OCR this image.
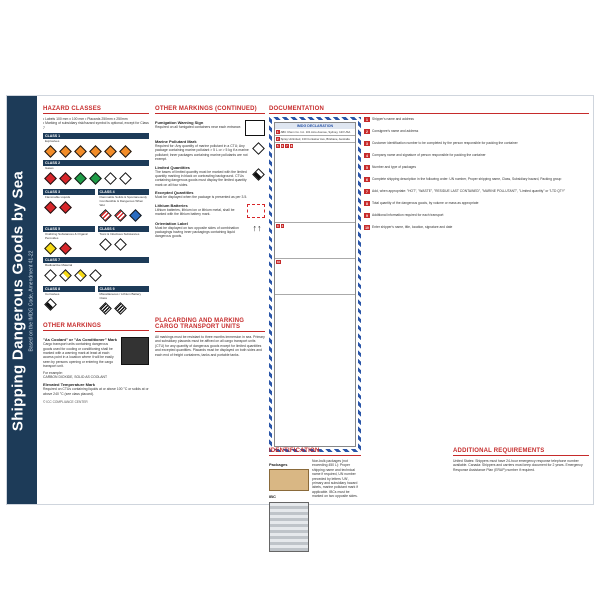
Shipping Dangerous Goods by Sea Based on the IMDG Code, Amendment 41-22
HAZARD CLASSES
• Labels 100 mm x 100 mm • Placards 250mm x 250mm
• Marking of subsidiary risk/hazard symbol is optional, except for Class 7
CLASS 1
Explosives
CLASS 2
Gases
CLASS 3
Flammable Liquids
CLASS 4
Flammable Solids & Spontaneously Combustible & Dangerous When Wet
CLASS 5
Oxidizing Substances & Organic Peroxides
CLASS 6
Toxic & Infectious Substances
CLASS 7
Radioactive Material
CLASS 8
Corrosives
CLASS 9
Miscellaneous / Lithium Battery Class
OTHER MARKINGS
"As Coolant" or "As Conditioner" Mark
Cargo transport units containing dangerous goods used for cooling or conditioning shall be marked with a warning mark at least at each access point in a location where it will be easily seen by persons opening or entering the cargo transport unit.
For example:
CARBON DIOXIDE, SOLID AS COOLANT
Elevated Temperature Mark
Required on CTUs containing liquids at or above 100 °C or solids at or above 240 °C (see class placard).
© ICC COMPLIANCE CENTER
OTHER MARKINGS (CONTINUED)
Fumigation Warning Sign
Required on all fumigated containers near each entrance.
Marine Pollutant Mark
Required for: Any quantity of marine pollutant in a CTU; Any package containing marine pollutant > 5 L or > 5 kg if a marine pollutant; Inner packages containing marine pollutants are not exempt.
Limited Quantities
The bases of limited quantity must be marked with the limited quantity marking in black on contrasting background. CTUs containing dangerous goods must display the limited quantity mark on all four sides.
Excepted Quantities
Must be displayed when the package is presented as per 3.5.
Lithium Batteries
Lithium batteries, lithium ion or lithium metal, shall be marked with the lithium battery mark.
Orientation Label
Must be displayed on two opposite sides of combination packagings having inner packagings containing liquid dangerous goods.
↑↑
DOCUMENTATION
IMDG DECLARATION
1 ABC Chem Co. Inc. 101 Acre Avenue, Sydney, 123 USA
2 Spray Unlimited, 130 Container Ave, Brisbane, Australia
5 6 7 8
3 4
10
1	Shipper's name and address
2	Consignee's name and address
3	Customer identification number to be completed by the person responsible for packing the container
4	Company name and signature of person responsible for packing the container
5	Number and type of packages
6	Complete shipping description in the following order: UN number, Proper shipping name, Class, Subsidiary hazard, Packing group
7	Add, when appropriate: "HOT", "WASTE", "RESIDUE LAST CONTAINED", "MARINE POLLUTANT", "Limited quantity" or "LTD QTY"
8	Total quantity of the dangerous goods, by volume or mass as appropriate
9	Additional information required for each transport
10 Enter shipper's name, title, location, signature and date
PLACARDING AND MARKING CARGO TRANSPORT UNITS
All markings must be resistant to three months immersion in sea. Primary and subsidiary placards must be affixed on all cargo transport units (CTU) for any quantity of dangerous goods except for limited quantities and excepted quantities. Placards must be displayed on both sides and each end of freight containers, tanks and portable tanks.
IDENTIFICATION
Packages
IBC
Non-bulk packages (not exceeding 450 L): Proper shipping name and technical name if required, UN number preceded by letters 'UN', primary and subsidiary hazard labels, marine pollutant mark if applicable. IBCs must be marked on two opposite sides.
ADDITIONAL REQUIREMENTS
United States: Shippers must have 24-hour emergency response telephone number available. Canada: Shippers and carriers must keep document for 2 years. Emergency Response Assistance Plan (ERAP) number if required.
